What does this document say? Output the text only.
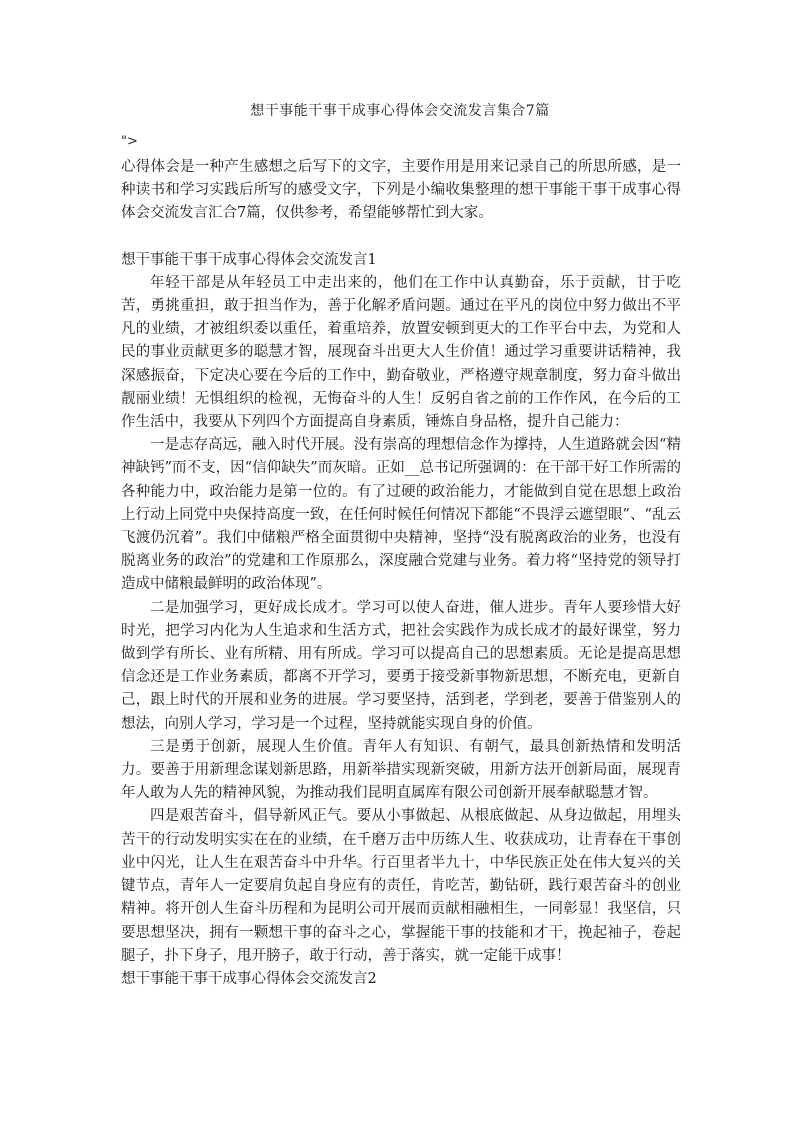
想干事能干事干成事心得体会交流发言集合7篇
">

心得体会是一种产生感想之后写下的文字，主要作用是用来记录自己的所思所感，是一种读书和学习实践后所写的感受文字，下列是小编收集整理的想干事能干事干成事心得体会交流发言汇合7篇，仅供参考，希望能够帮忙到大家。

想干事能干事干成事心得体会交流发言1

年轻干部是从年轻员工中走出来的，他们在工作中认真勤奋，乐于贡献，甘于吃苦，勇挑重担，敢于担当作为，善于化解矛盾问题。通过在平凡的岗位中努力做出不平凡的业绩，才被组织委以重任，着重培养，放置安顿到更大的工作平台中去，为党和人民的事业贡献更多的聪慧才智，展现奋斗出更大人生价值！通过学习重要讲话精神，我深感振奋，下定决心要在今后的工作中，勤奋敬业，严格遵守规章制度，努力奋斗做出靓丽业绩！无惧组织的检视，无悔奋斗的人生！反躬自省之前的工作作风，在今后的工作生活中，我要从下列四个方面提高自身素质，锤炼自身品格，提升自己能力：

一是志存高远，融入时代开展。没有崇高的理想信念作为撑持，人生道路就会因“精神缺钙”而不支，因“信仰缺失”而灰暗。正如__总书记所强调的：在干部干好工作所需的各种能力中，政治能力是第一位的。有了过硬的政治能力，才能做到自觉在思想上政治上行动上同党中央保持高度一致，在任何时候任何情况下都能“不畏浮云遮望眼”、“乱云飞渡仍沉着”。我们中储粮严格全面贯彻中央精神，坚持“没有脱离政治的业务，也没有脱离业务的政治”的党建和工作原那么，深度融合党建与业务。着力将“坚持党的领导打造成中储粮最鲜明的政治体现”。

二是加强学习，更好成长成才。学习可以使人奋进，催人进步。青年人要珍惜大好时光，把学习内化为人生追求和生活方式，把社会实践作为成长成才的最好课堂，努力做到学有所长、业有所精、用有所成。学习可以提高自己的思想素质。无论是提高思想信念还是工作业务素质，都离不开学习，要勇于接受新事物新思想，不断充电，更新自己，跟上时代的开展和业务的进展。学习要坚持，活到老，学到老，要善于借鉴别人的想法，向别人学习，学习是一个过程，坚持就能实现自身的价值。

三是勇于创新，展现人生价值。青年人有知识、有朝气，最具创新热情和发明活力。要善于用新理念谋划新思路，用新举措实现新突破，用新方法开创新局面，展现青年人敢为人先的精神风貌，为推动我们昆明直属库有限公司创新开展奉献聪慧才智。

四是艰苦奋斗，倡导新风正气。要从小事做起、从根底做起、从身边做起，用埋头苦干的行动发明实实在在的业绩，在千磨万击中历练人生、收获成功，让青春在干事创业中闪光，让人生在艰苦奋斗中升华。行百里者半九十，中华民族正处在伟大复兴的关键节点，青年人一定要肩负起自身应有的责任，肯吃苦，勤钻研，践行艰苦奋斗的创业精神。将开创人生奋斗历程和为昆明公司开展而贡献相融相生，一同彰显！我坚信，只要思想坚决，拥有一颗想干事的奋斗之心，掌握能干事的技能和才干，挽起袖子，卷起腿子，扑下身子，甩开膀子，敢于行动，善于落实，就一定能干成事！

想干事能干事干成事心得体会交流发言2
